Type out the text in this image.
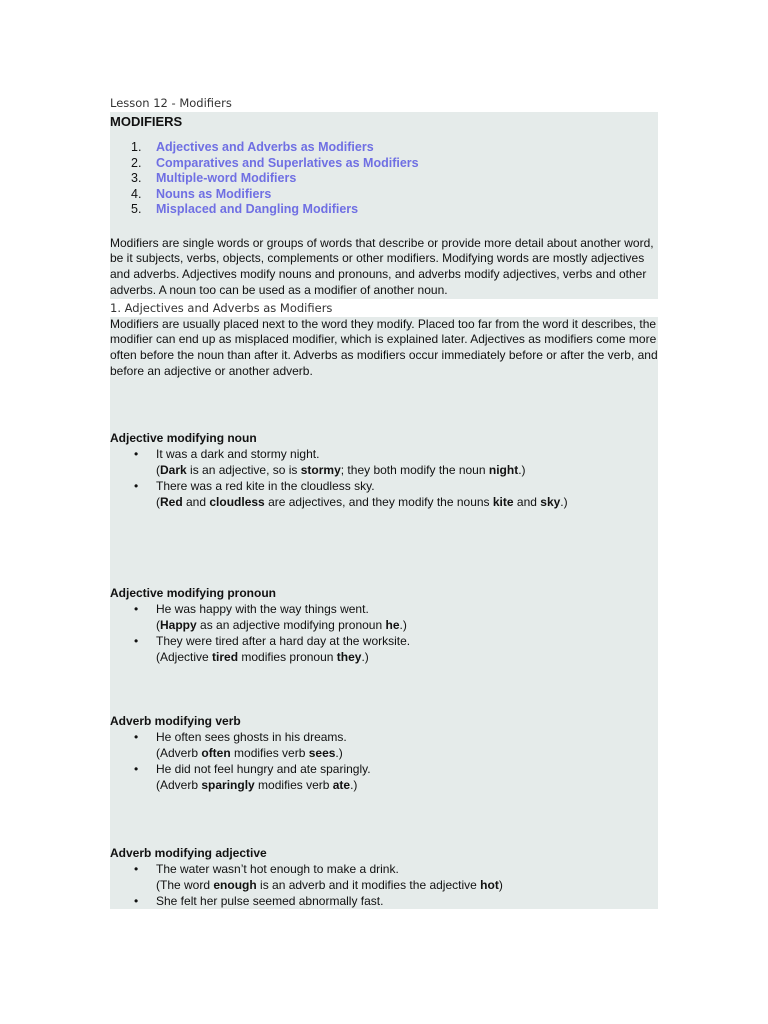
Lesson 12 - Modifiers

MODIFIERS

1. Adjectives and Adverbs as Modifiers
2. Comparatives and Superlatives as Modifiers
3. Multiple-word Modifiers
4. Nouns as Modifiers
5. Misplaced and Dangling Modifiers

Modifiers are single words or groups of words that describe or provide more detail about another word, be it subjects, verbs, objects, complements or other modifiers. Modifying words are mostly adjectives and adverbs. Adjectives modify nouns and pronouns, and adverbs modify adjectives, verbs and other adverbs. A noun too can be used as a modifier of another noun.

1. Adjectives and Adverbs as Modifiers

Modifiers are usually placed next to the word they modify. Placed too far from the word it describes, the modifier can end up as misplaced modifier, which is explained later. Adjectives as modifiers come more often before the noun than after it. Adverbs as modifiers occur immediately before or after the verb, and before an adjective or another adverb.

Adjective modifying noun

• It was a dark and stormy night.
(Dark is an adjective, so is stormy; they both modify the noun night.)
• There was a red kite in the cloudless sky.
(Red and cloudless are adjectives, and they modify the nouns kite and sky.)

Adjective modifying pronoun

• He was happy with the way things went.
(Happy as an adjective modifying pronoun he.)
• They were tired after a hard day at the worksite.
(Adjective tired modifies pronoun they.)

Adverb modifying verb

• He often sees ghosts in his dreams.
(Adverb often modifies verb sees.)
• He did not feel hungry and ate sparingly.
(Adverb sparingly modifies verb ate.)

Adverb modifying adjective

• The water wasn’t hot enough to make a drink.
(The word enough is an adverb and it modifies the adjective hot)
• She felt her pulse seemed abnormally fast.
